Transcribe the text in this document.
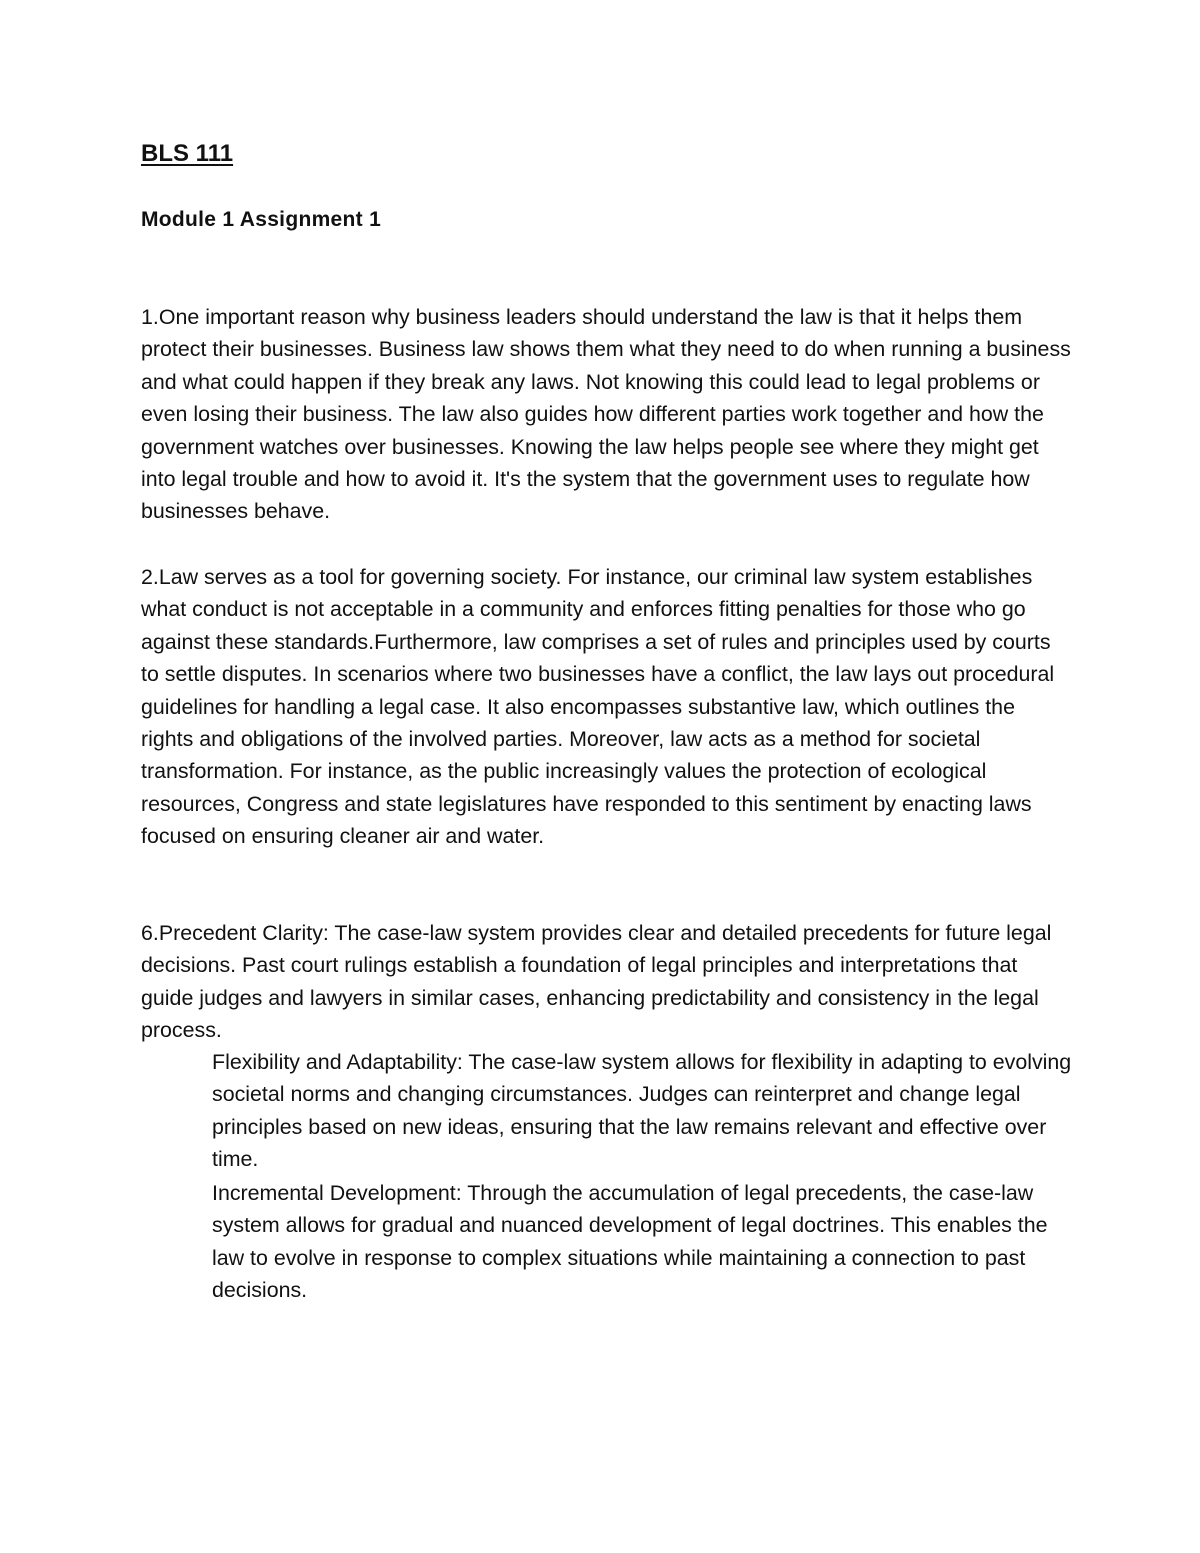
BLS 111
Module 1 Assignment 1

1.One important reason why business leaders should understand the law is that it helps them protect their businesses. Business law shows them what they need to do when running a business and what could happen if they break any laws. Not knowing this could lead to legal problems or even losing their business. The law also guides how different parties work together and how the government watches over businesses. Knowing the law helps people see where they might get into legal trouble and how to avoid it. It's the system that the government uses to regulate how businesses behave.

2.Law serves as a tool for governing society. For instance, our criminal law system establishes what conduct is not acceptable in a community and enforces fitting penalties for those who go against these standards.Furthermore, law comprises a set of rules and principles used by courts to settle disputes. In scenarios where two businesses have a conflict, the law lays out procedural guidelines for handling a legal case. It also encompasses substantive law, which outlines the rights and obligations of the involved parties. Moreover, law acts as a method for societal transformation. For instance, as the public increasingly values the protection of ecological resources, Congress and state legislatures have responded to this sentiment by enacting laws focused on ensuring cleaner air and water.

6.Precedent Clarity: The case-law system provides clear and detailed precedents for future legal decisions. Past court rulings establish a foundation of legal principles and interpretations that guide judges and lawyers in similar cases, enhancing predictability and consistency in the legal process.

Flexibility and Adaptability: The case-law system allows for flexibility in adapting to evolving societal norms and changing circumstances. Judges can reinterpret and change legal principles based on new ideas, ensuring that the law remains relevant and effective over time.

Incremental Development: Through the accumulation of legal precedents, the case-law system allows for gradual and nuanced development of legal doctrines. This enables the law to evolve in response to complex situations while maintaining a connection to past decisions.
